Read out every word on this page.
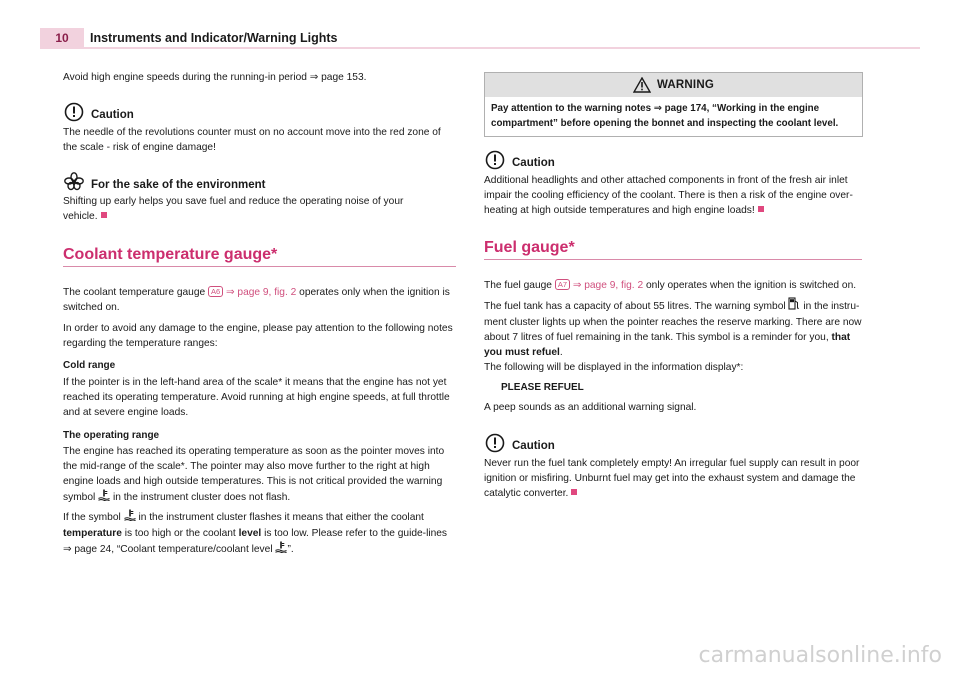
10	Instruments and Indicator/Warning Lights

Avoid high engine speeds during the running-in period ⇒ page 153.

Caution

The needle of the revolutions counter must on no account move into the red zone of the scale - risk of engine damage!

For the sake of the environment

Shifting up early helps you save fuel and reduce the operating noise of your vehicle.

Coolant temperature gauge*

The coolant temperature gauge A6 ⇒ page 9, fig. 2 operates only when the ignition is switched on.

In order to avoid any damage to the engine, please pay attention to the following notes regarding the temperature ranges:

Cold range

If the pointer is in the left-hand area of the scale* it means that the engine has not yet reached its operating temperature. Avoid running at high engine speeds, at full throttle and at severe engine loads.

The operating range

The engine has reached its operating temperature as soon as the pointer moves into the mid-range of the scale*. The pointer may also move further to the right at high engine loads and high outside temperatures. This is not critical provided the warning symbol in the instrument cluster does not flash.

If the symbol in the instrument cluster flashes it means that either the coolant temperature is too high or the coolant level is too low. Please refer to the guide-lines ⇒ page 24, “Coolant temperature/coolant level ”.

WARNING
Pay attention to the warning notes ⇒ page 174, “Working in the engine compartment” before opening the bonnet and inspecting the coolant level.
Caution

Additional headlights and other attached components in front of the fresh air inlet impair the cooling efficiency of the coolant. There is then a risk of the engine over-heating at high outside temperatures and high engine loads!

Fuel gauge*

The fuel gauge A7 ⇒ page 9, fig. 2 only operates when the ignition is switched on.

The fuel tank has a capacity of about 55 litres. The warning symbol in the instru-ment cluster lights up when the pointer reaches the reserve marking. There are now about 7 litres of fuel remaining in the tank. This symbol is a reminder for you, that you must refuel.

The following will be displayed in the information display*:

PLEASE REFUEL

A peep sounds as an additional warning signal.

Caution

Never run the fuel tank completely empty! An irregular fuel supply can result in poor ignition or misfiring. Unburnt fuel may get into the exhaust system and damage the catalytic converter.

carmanualsonline.info
